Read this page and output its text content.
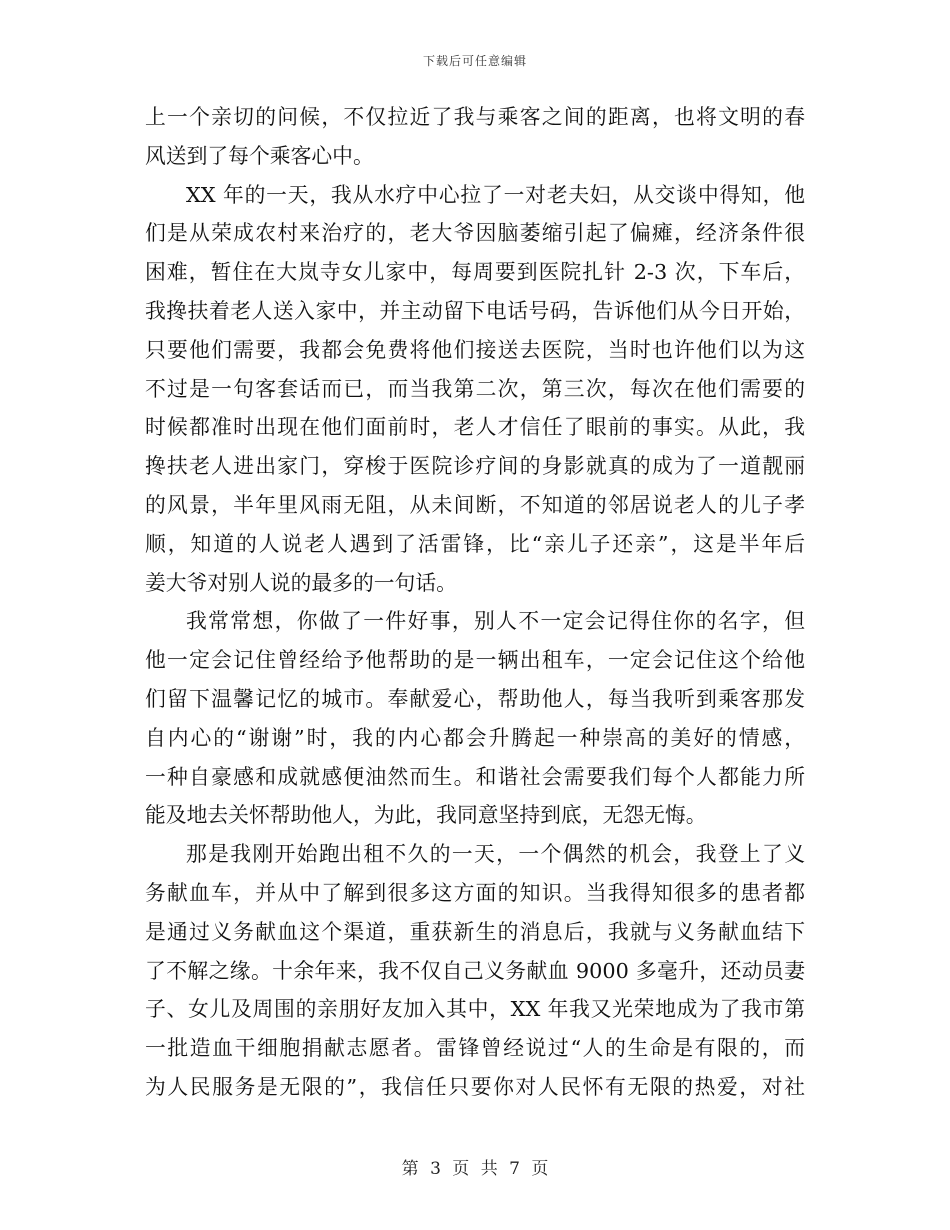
下载后可任意编辑
上一个亲切的问候，不仅拉近了我与乘客之间的距离，也将文明的春
风送到了每个乘客心中。
XX 年的一天，我从水疗中心拉了一对老夫妇，从交谈中得知，他
们是从荣成农村来治疗的，老大爷因脑萎缩引起了偏瘫，经济条件很
困难，暂住在大岚寺女儿家中，每周要到医院扎针 2-3 次，下车后，
我搀扶着老人送入家中，并主动留下电话号码，告诉他们从今日开始，
只要他们需要，我都会免费将他们接送去医院，当时也许他们以为这
不过是一句客套话而已，而当我第二次，第三次，每次在他们需要的
时候都准时出现在他们面前时，老人才信任了眼前的事实。从此，我
搀扶老人进出家门，穿梭于医院诊疗间的身影就真的成为了一道靓丽
的风景，半年里风雨无阻，从未间断，不知道的邻居说老人的儿子孝
顺，知道的人说老人遇到了活雷锋，比“亲儿子还亲”，这是半年后
姜大爷对别人说的最多的一句话。
我常常想，你做了一件好事，别人不一定会记得住你的名字，但
他一定会记住曾经给予他帮助的是一辆出租车，一定会记住这个给他
们留下温馨记忆的城市。奉献爱心，帮助他人，每当我听到乘客那发
自内心的“谢谢”时，我的内心都会升腾起一种崇高的美好的情感，
一种自豪感和成就感便油然而生。和谐社会需要我们每个人都能力所
能及地去关怀帮助他人，为此，我同意坚持到底，无怨无悔。
那是我刚开始跑出租不久的一天，一个偶然的机会，我登上了义
务献血车，并从中了解到很多这方面的知识。当我得知很多的患者都
是通过义务献血这个渠道，重获新生的消息后，我就与义务献血结下
了不解之缘。十余年来，我不仅自己义务献血 9000 多毫升，还动员妻
子、女儿及周围的亲朋好友加入其中，XX 年我又光荣地成为了我市第
一批造血干细胞捐献志愿者。雷锋曾经说过“人的生命是有限的，而
为人民服务是无限的”，我信任只要你对人民怀有无限的热爱，对社
第 3 页 共 7 页
